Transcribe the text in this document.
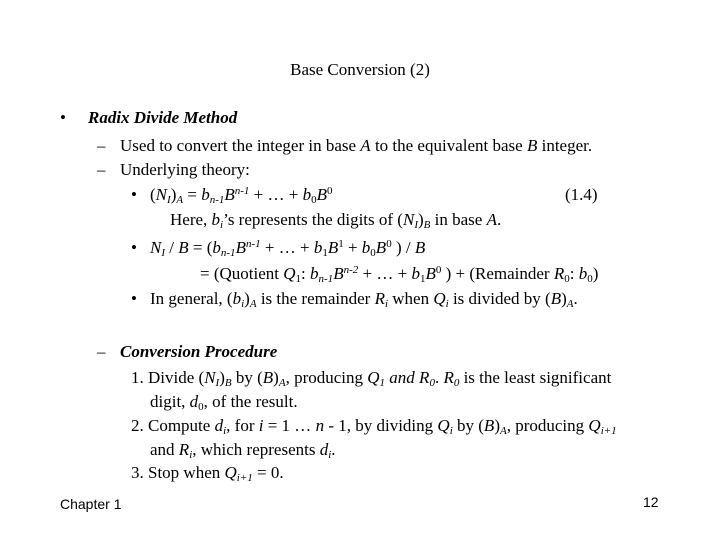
Base Conversion (2)
• Radix Divide Method
– Used to convert the integer in base A to the equivalent base B integer.
– Underlying theory:
• $(N_I)_A = b_{n-1}B^{n-1}$ + … + $b_0B^0$	(1.4)
Here, $b_i’s$ represents the digits of $(N_I)_B$ in base A.
• $N_I / B = (b_{n-1}B^{n-1}$ + … + $b_1B^1 + b_0B^0$ ) / B
= (Quotient $Q_1$: $b_{n-1}B^{n-2}$ + … + $b_1B^0$ ) + (Remainder $R_0$: $b_0$)
• In general, $(b_i)_A$ is the remainder $R_i$ when $Q_i$ is divided by $(B)_A$.
– Conversion Procedure
1. Divide $(N_I)_B$ by $(B)_A$, producing $Q_1$ and $R_0$. $R_0$ is the least significant
digit, $d_0$, of the result.
2. Compute $d_i$, for i = 1 … n - 1, by dividing $Q_i$ by $(B)_A$, producing $Q_{i+1}$
and $R_i$, which represents $d_i$.
3. Stop when $Q_{i+1} = 0$.
Chapter 1	12
